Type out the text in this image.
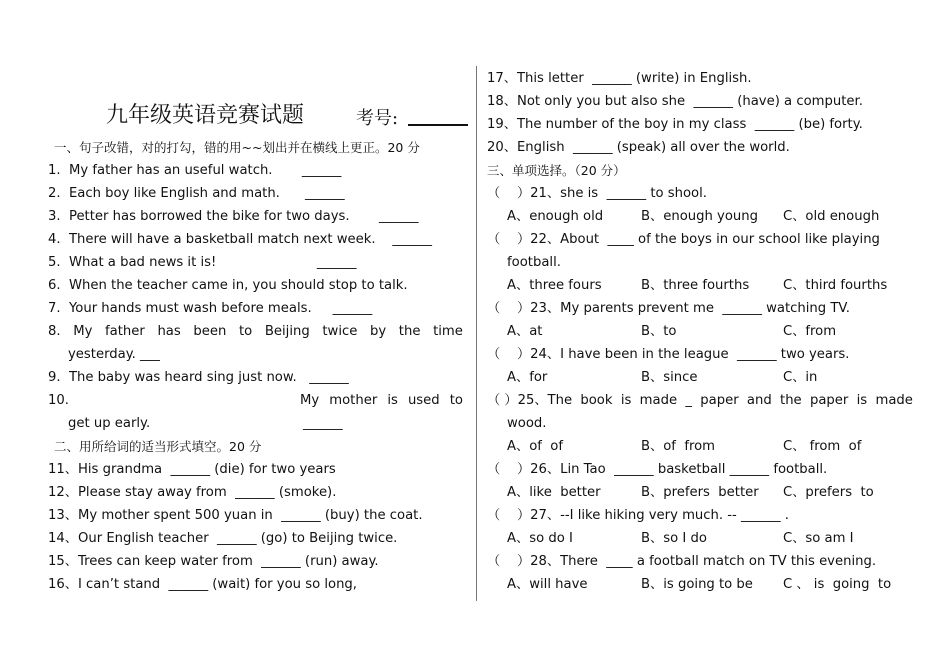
九年级英语竞赛试题	考号:
一、句子改错，对的打勾，错的用~~划出并在横线上更正。20 分
1.  My father has an useful watch.       ______
2.  Each boy like English and math.      ______
3.  Petter has borrowed the bike for two days.       ______
4.  There will have a basketball match next week.    ______
5.  What a bad news it is!                        ______
6.  When the teacher came in, you should stop to talk.
7.  Your hands must wash before meals.     ______
8. My father has been to Beijing twice by the time
yesterday. ___
9.  The baby was heard sing just now.   ______
10.	My mother is used to
get up early.	______
二、用所给词的适当形式填空。20 分
11、His grandma  ______ (die) for two years
12、Please stay away from  ______ (smoke).
13、My mother spent 500 yuan in  ______ (buy) the coat.
14、Our English teacher  ______ (go) to Beijing twice.
15、Trees can keep water from  ______ (run) away.
16、I can’t stand  ______ (wait) for you so long,
17、This letter  ______ (write) in English.
18、Not only you but also she  ______ (have) a computer.
19、The number of the boy in my class  ______ (be) forty.
20、English  ______ (speak) all over the world.
三、单项选择。（20 分）
（    ）21、she is  ______ to shool.
A、enough old	B、enough young C、old enough
（    ）22、About  ____ of the boys in our school like playing
football.
A、three fours	B、three fourths	C、third fourths
（    ）23、My parents prevent me  ______ watching TV.
A、at	B、to	C、from
（    ）24、I have been in the league  ______ two years.
A、for	B、since	C、in
（ ）25、The book is made _ paper and the paper is made
wood.
A、of  of	B、of  from	C、 from  of
（    ）26、Lin Tao  ______ basketball ______ football.
A、like  better	B、prefers  better C、prefers  to
（    ）27、--I like hiking very much. -- ______ .
A、so do I	B、so I do	C、so am I
（    ）28、There  ____ a football match on TV this evening.
A、will have	B、is going to be C 、 is  going  to
